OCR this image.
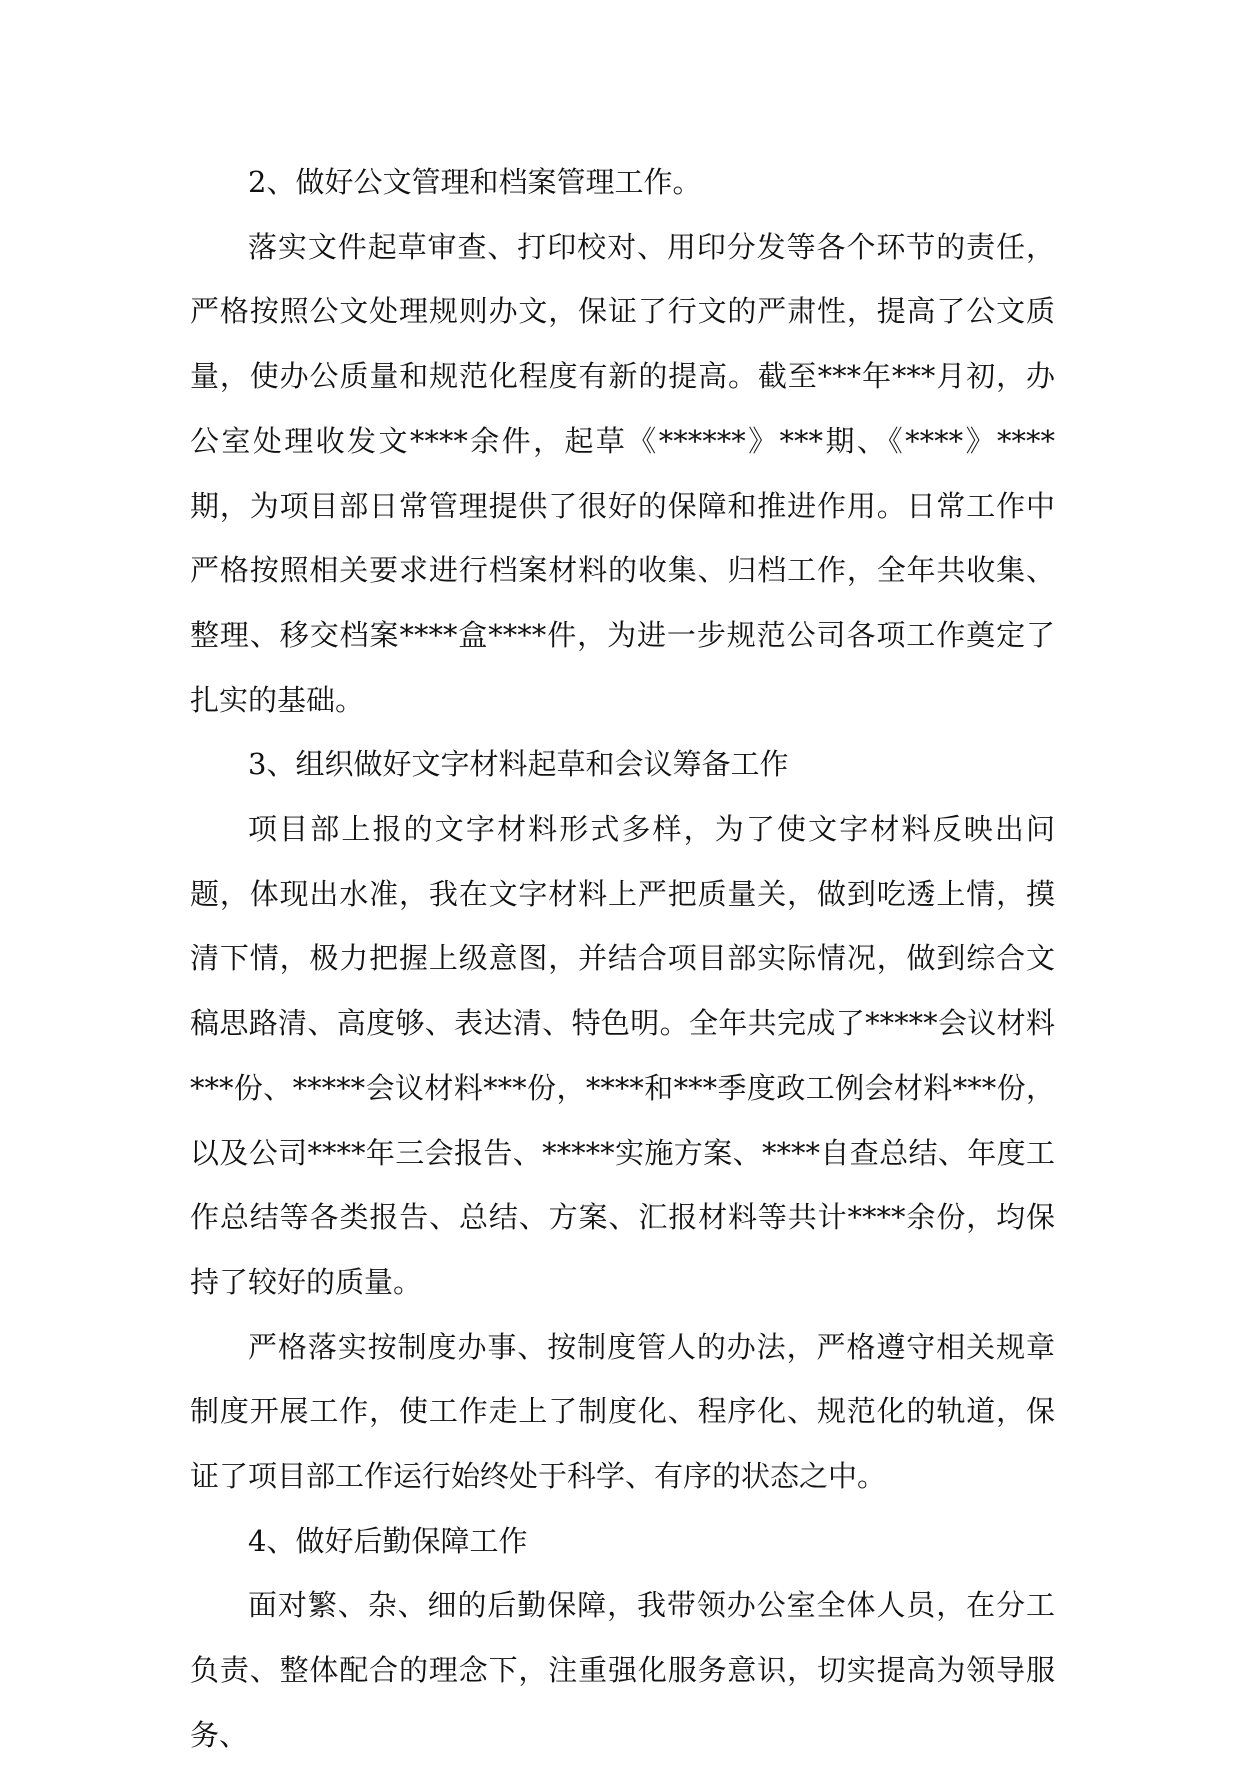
2、做好公文管理和档案管理工作。

落实文件起草审查、打印校对、用印分发等各个环节的责任，严格按照公文处理规则办文，保证了行文的严肃性，提高了公文质量，使办公质量和规范化程度有新的提高。截至***年***月初，办公室处理收发文****余件，起草《******》***期、《****》****期，为项目部日常管理提供了很好的保障和推进作用。日常工作中严格按照相关要求进行档案材料的收集、归档工作，全年共收集、整理、移交档案****盒****件，为进一步规范公司各项工作奠定了扎实的基础。

3、组织做好文字材料起草和会议筹备工作

项目部上报的文字材料形式多样，为了使文字材料反映出问题，体现出水准，我在文字材料上严把质量关，做到吃透上情，摸清下情，极力把握上级意图，并结合项目部实际情况，做到综合文稿思路清、高度够、表达清、特色明。全年共完成了*****会议材料***份、*****会议材料***份，****和***季度政工例会材料***份，以及公司****年三会报告、*****实施方案、****自查总结、年度工作总结等各类报告、总结、方案、汇报材料等共计****余份，均保持了较好的质量。

严格落实按制度办事、按制度管人的办法，严格遵守相关规章制度开展工作，使工作走上了制度化、程序化、规范化的轨道，保证了项目部工作运行始终处于科学、有序的状态之中。

4、做好后勤保障工作

面对繁、杂、细的后勤保障，我带领办公室全体人员，在分工负责、整体配合的理念下，注重强化服务意识，切实提高为领导服务、
